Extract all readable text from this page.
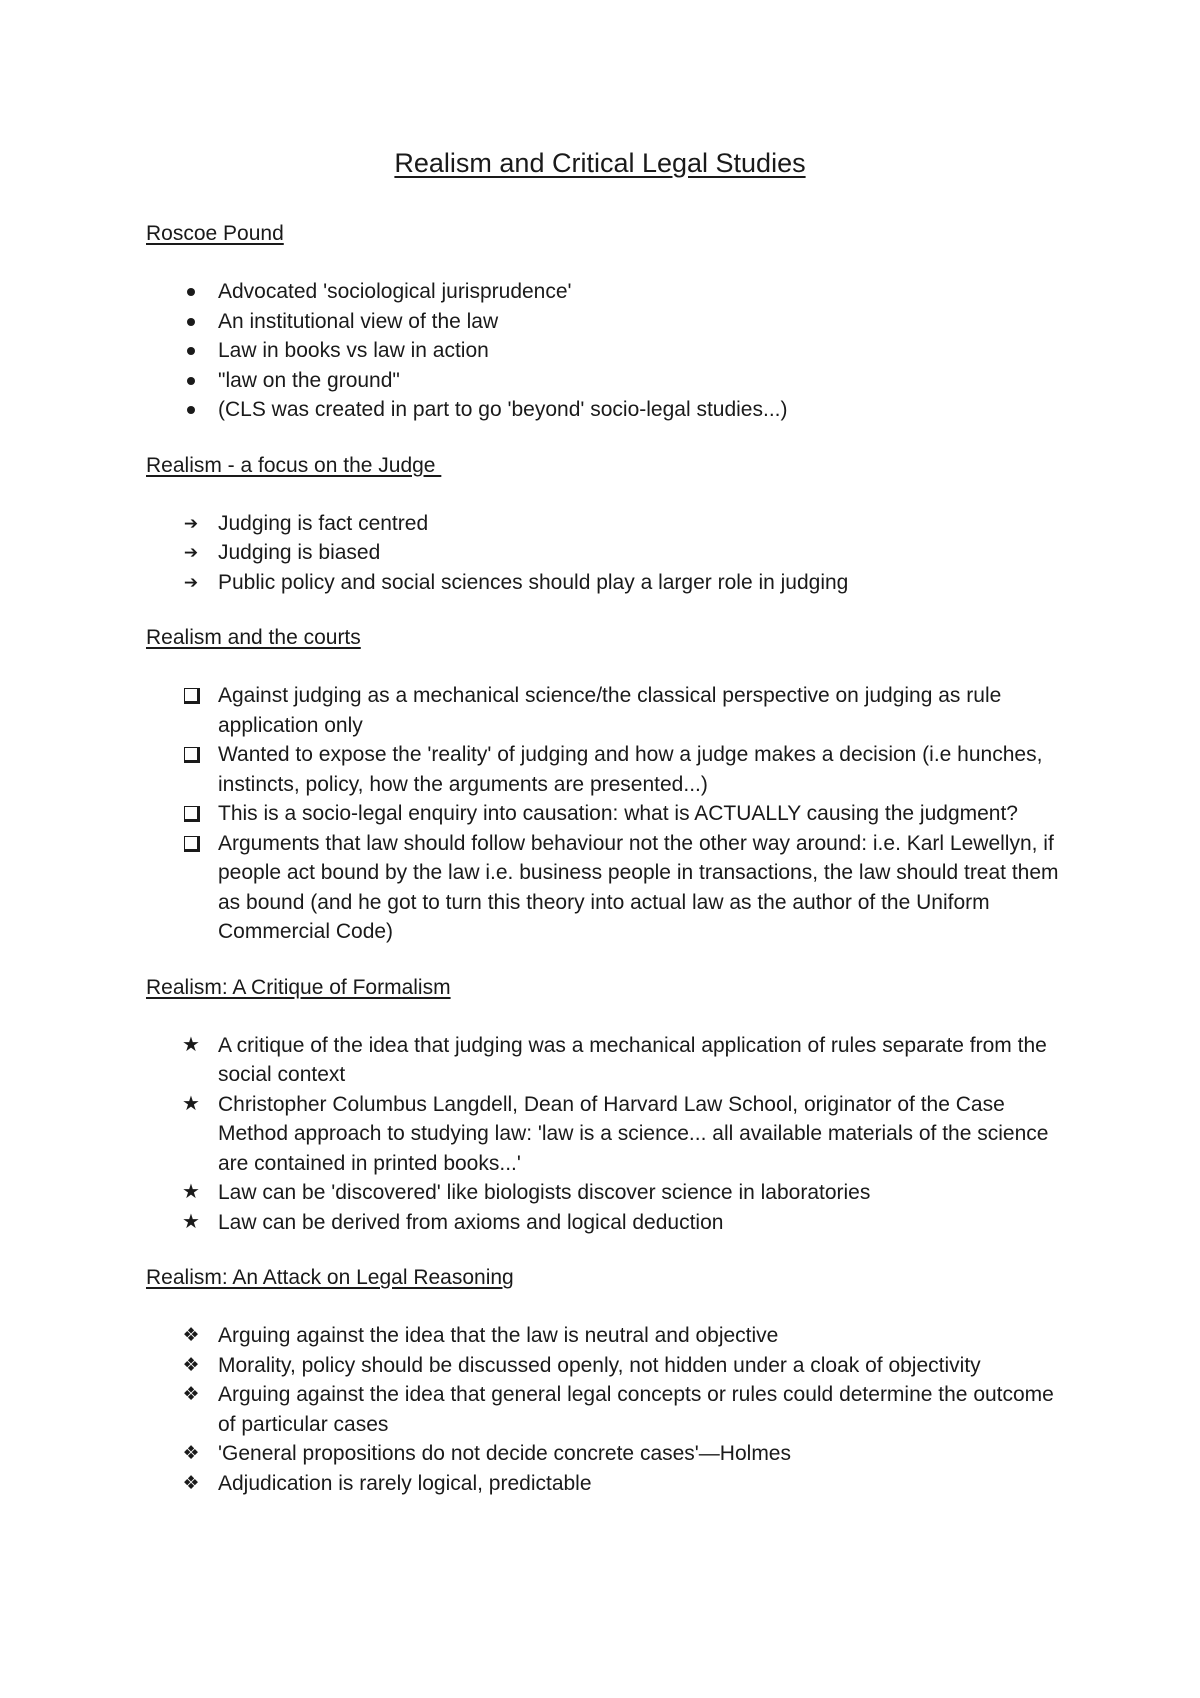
Realism and Critical Legal Studies
Roscoe Pound
Advocated 'sociological jurisprudence'
An institutional view of the law
Law in books vs law in action
"law on the ground"
(CLS was created in part to go 'beyond' socio-legal studies...)
Realism - a focus on the Judge
➔ Judging is fact centred
➔ Judging is biased
➔ Public policy and social sciences should play a larger role in judging
Realism and the courts
Against judging as a mechanical science/the classical perspective on judging as rule application only
Wanted to expose the 'reality' of judging and how a judge makes a decision (i.e hunches, instincts, policy, how the arguments are presented...)
This is a socio-legal enquiry into causation: what is ACTUALLY causing the judgment?
Arguments that law should follow behaviour not the other way around: i.e. Karl Lewellyn, if people act bound by the law i.e. business people in transactions, the law should treat them as bound (and he got to turn this theory into actual law as the author of the Uniform Commercial Code)
Realism: A Critique of Formalism
★ A critique of the idea that judging was a mechanical application of rules separate from the social context
★ Christopher Columbus Langdell, Dean of Harvard Law School, originator of the Case Method approach to studying law: 'law is a science... all available materials of the science are contained in printed books...'
★ Law can be 'discovered' like biologists discover science in laboratories
★ Law can be derived from axioms and logical deduction
Realism: An Attack on Legal Reasoning
❖ Arguing against the idea that the law is neutral and objective
❖ Morality, policy should be discussed openly, not hidden under a cloak of objectivity
❖ Arguing against the idea that general legal concepts or rules could determine the outcome of particular cases
❖ 'General propositions do not decide concrete cases'—Holmes
❖ Adjudication is rarely logical, predictable
